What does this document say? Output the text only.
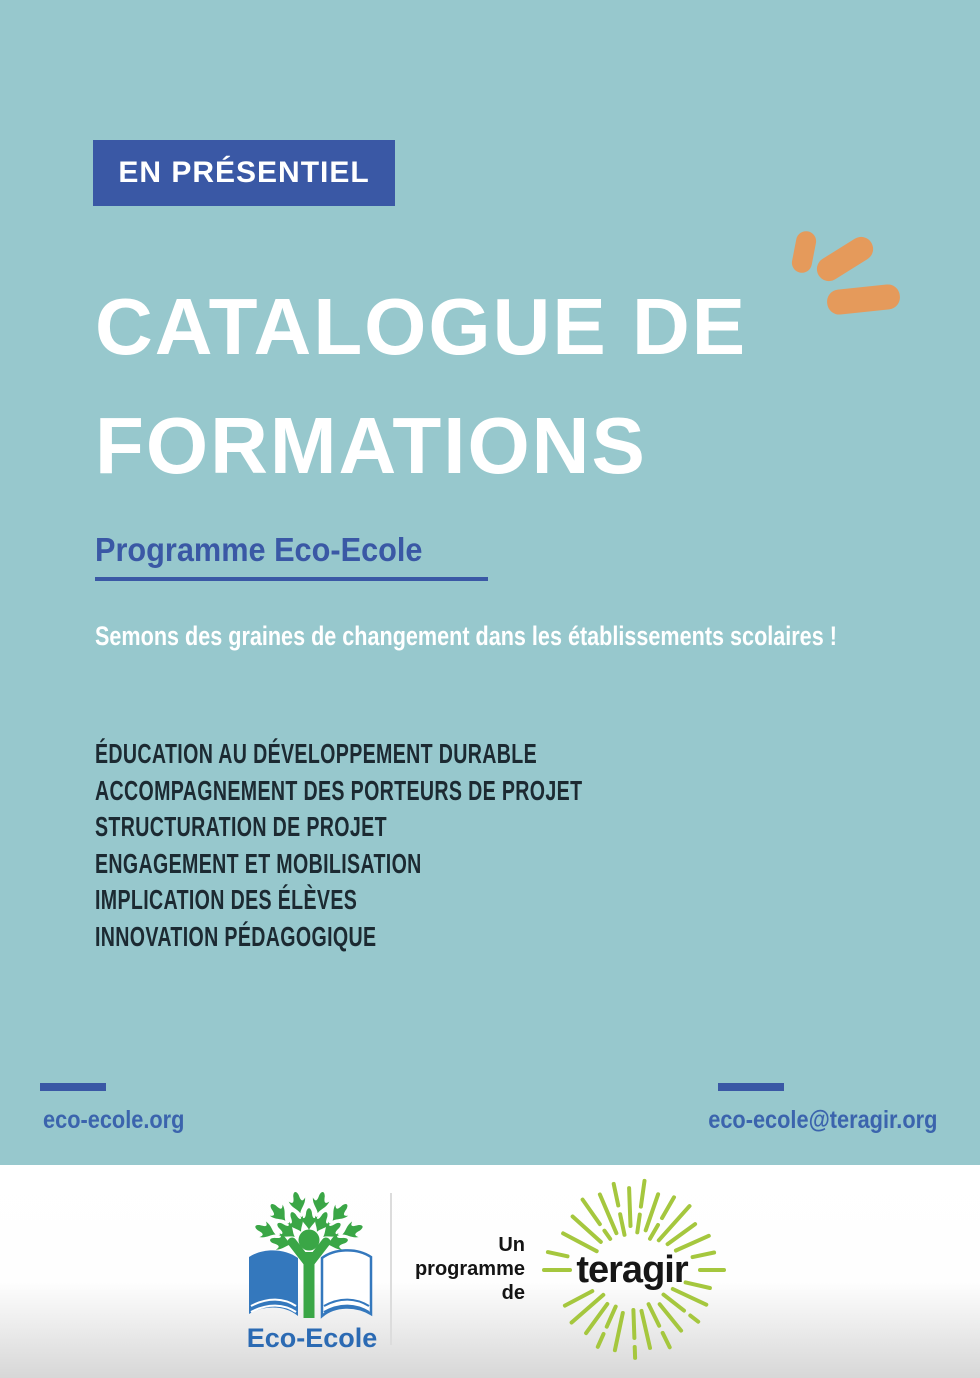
EN PRÉSENTIEL
CATALOGUE DE
FORMATIONS
Programme Eco-Ecole
Semons des graines de changement dans les établissements scolaires !
ÉDUCATION AU DÉVELOPPEMENT DURABLE
ACCOMPAGNEMENT DES PORTEURS DE PROJET
STRUCTURATION DE PROJET
ENGAGEMENT ET MOBILISATION
IMPLICATION DES ÉLÈVES
INNOVATION PÉDAGOGIQUE
eco-ecole.org	eco-ecole@teragir.org
Eco-Ecole
Un
programme
de
teragir
